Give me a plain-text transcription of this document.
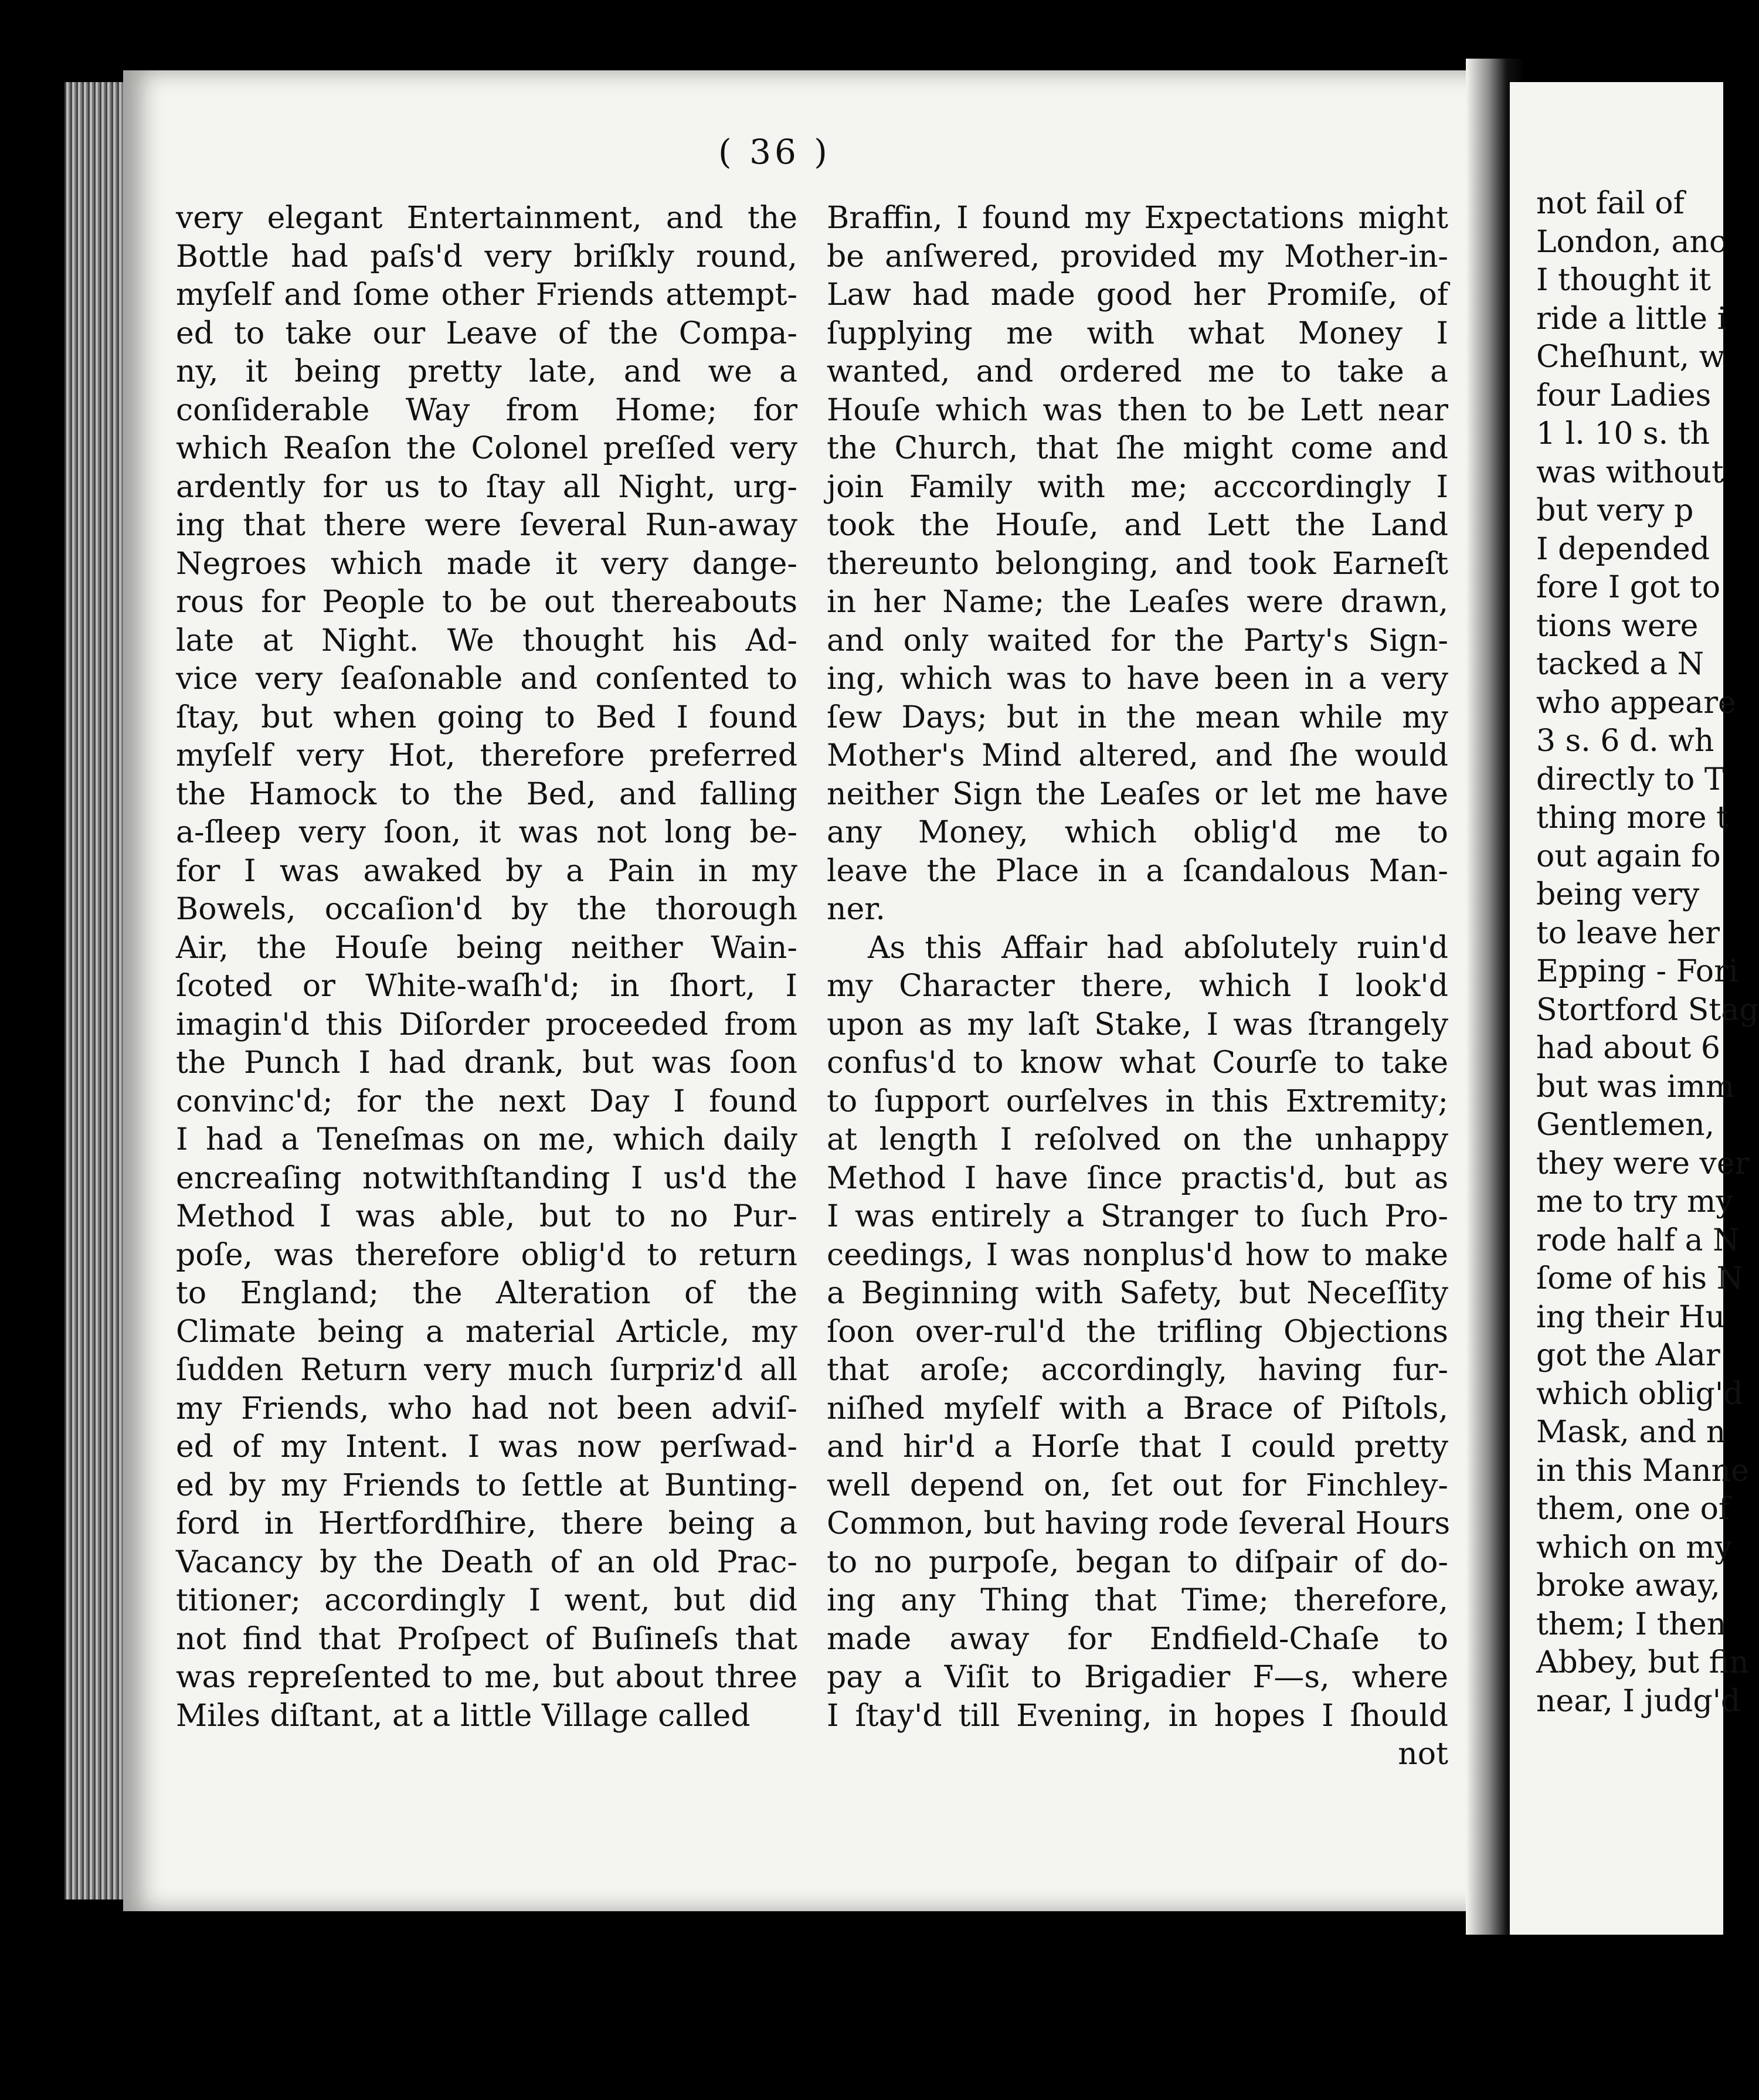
not fail of
London, anc
I thought it
ride a little i
Cheſhunt, w
four Ladies
1 l. 10 s. th
was without
but very p
I depended
fore I got to
tions were
tacked a N
who appeare
3 s. 6 d. wh
directly to T
thing more t
out again fo
being very
to leave her
Epping - Fori
Stortford Stag
had about 6
but was imm
Gentlemen,
they were ver
me to try my
rode half a N
ſome of his N
ing their Hu
got the Alar
which oblig'd
Mask, and n
in this Manne
them, one of
which on my
broke away,
them; I then
Abbey, but fin
near, I judg'd
( 36 )
very elegant Entertainment, and the
Bottle had paſs'd very briſkly round,
myſelf and ſome other Friends attempt-
ed to take our Leave of the Compa-
ny, it being pretty late, and we a
conſiderable Way from Home; for
which Reaſon the Colonel preſſed very
ardently for us to ſtay all Night, urg-
ing that there were ſeveral Run-away
Negroes which made it very dange-
rous for People to be out thereabouts
late at Night. We thought his Ad-
vice very ſeaſonable and conſented to
ſtay, but when going to Bed I found
myſelf very Hot, therefore preferred
the Hamock to the Bed, and falling
a-ſleep very ſoon, it was not long be-
for I was awaked by a Pain in my
Bowels, occaſion'd by the thorough
Air, the Houſe being neither Wain-
ſcoted or White-waſh'd; in ſhort, I
imagin'd this Diſorder proceeded from
the Punch I had drank, but was ſoon
convinc'd; for the next Day I found
I had a Teneſmas on me, which daily
encreaſing notwithſtanding I us'd the
Method I was able, but to no Pur-
poſe, was therefore oblig'd to return
to England; the Alteration of the
Climate being a material Article, my
ſudden Return very much ſurpriz'd all
my Friends, who had not been adviſ-
ed of my Intent. I was now perſwad-
ed by my Friends to ſettle at Bunting-
ford in Hertfordſhire, there being a
Vacancy by the Death of an old Prac-
titioner; accordingly I went, but did
not find that Proſpect of Buſineſs that
was repreſented to me, but about three
Miles diſtant, at a little Village called
Braffin, I found my Expectations might
be anſwered, provided my Mother-in-
Law had made good her Promiſe, of
ſupplying me with what Money I
wanted, and ordered me to take a
Houſe which was then to be Lett near
the Church, that ſhe might come and
join Family with me; acccordingly I
took the Houſe, and Lett the Land
thereunto belonging, and took Earneſt
in her Name; the Leaſes were drawn,
and only waited for the Party's Sign-
ing, which was to have been in a very
ſew Days; but in the mean while my
Mother's Mind altered, and ſhe would
neither Sign the Leaſes or let me have
any Money, which oblig'd me to
leave the Place in a ſcandalous Man-
ner.
As this Affair had abſolutely ruin'd
my Character there, which I look'd
upon as my laſt Stake, I was ſtrangely
confus'd to know what Courſe to take
to ſupport ourſelves in this Extremity;
at length I reſolved on the unhappy
Method I have ſince practis'd, but as
I was entirely a Stranger to ſuch Pro-
ceedings, I was nonplus'd how to make
a Beginning with Safety, but Neceſſity
ſoon over-rul'd the trifling Objections
that aroſe; accordingly, having fur-
niſhed myſelf with a Brace of Piſtols,
and hir'd a Horſe that I could pretty
well depend on, ſet out for Finchley-
Common, but having rode ſeveral Hours
to no purpoſe, began to diſpair of do-
ing any Thing that Time; therefore,
made away for Endfield-Chaſe to
pay a Viſit to Brigadier F—s, where
I ſtay'd till Evening, in hopes I ſhould
not
